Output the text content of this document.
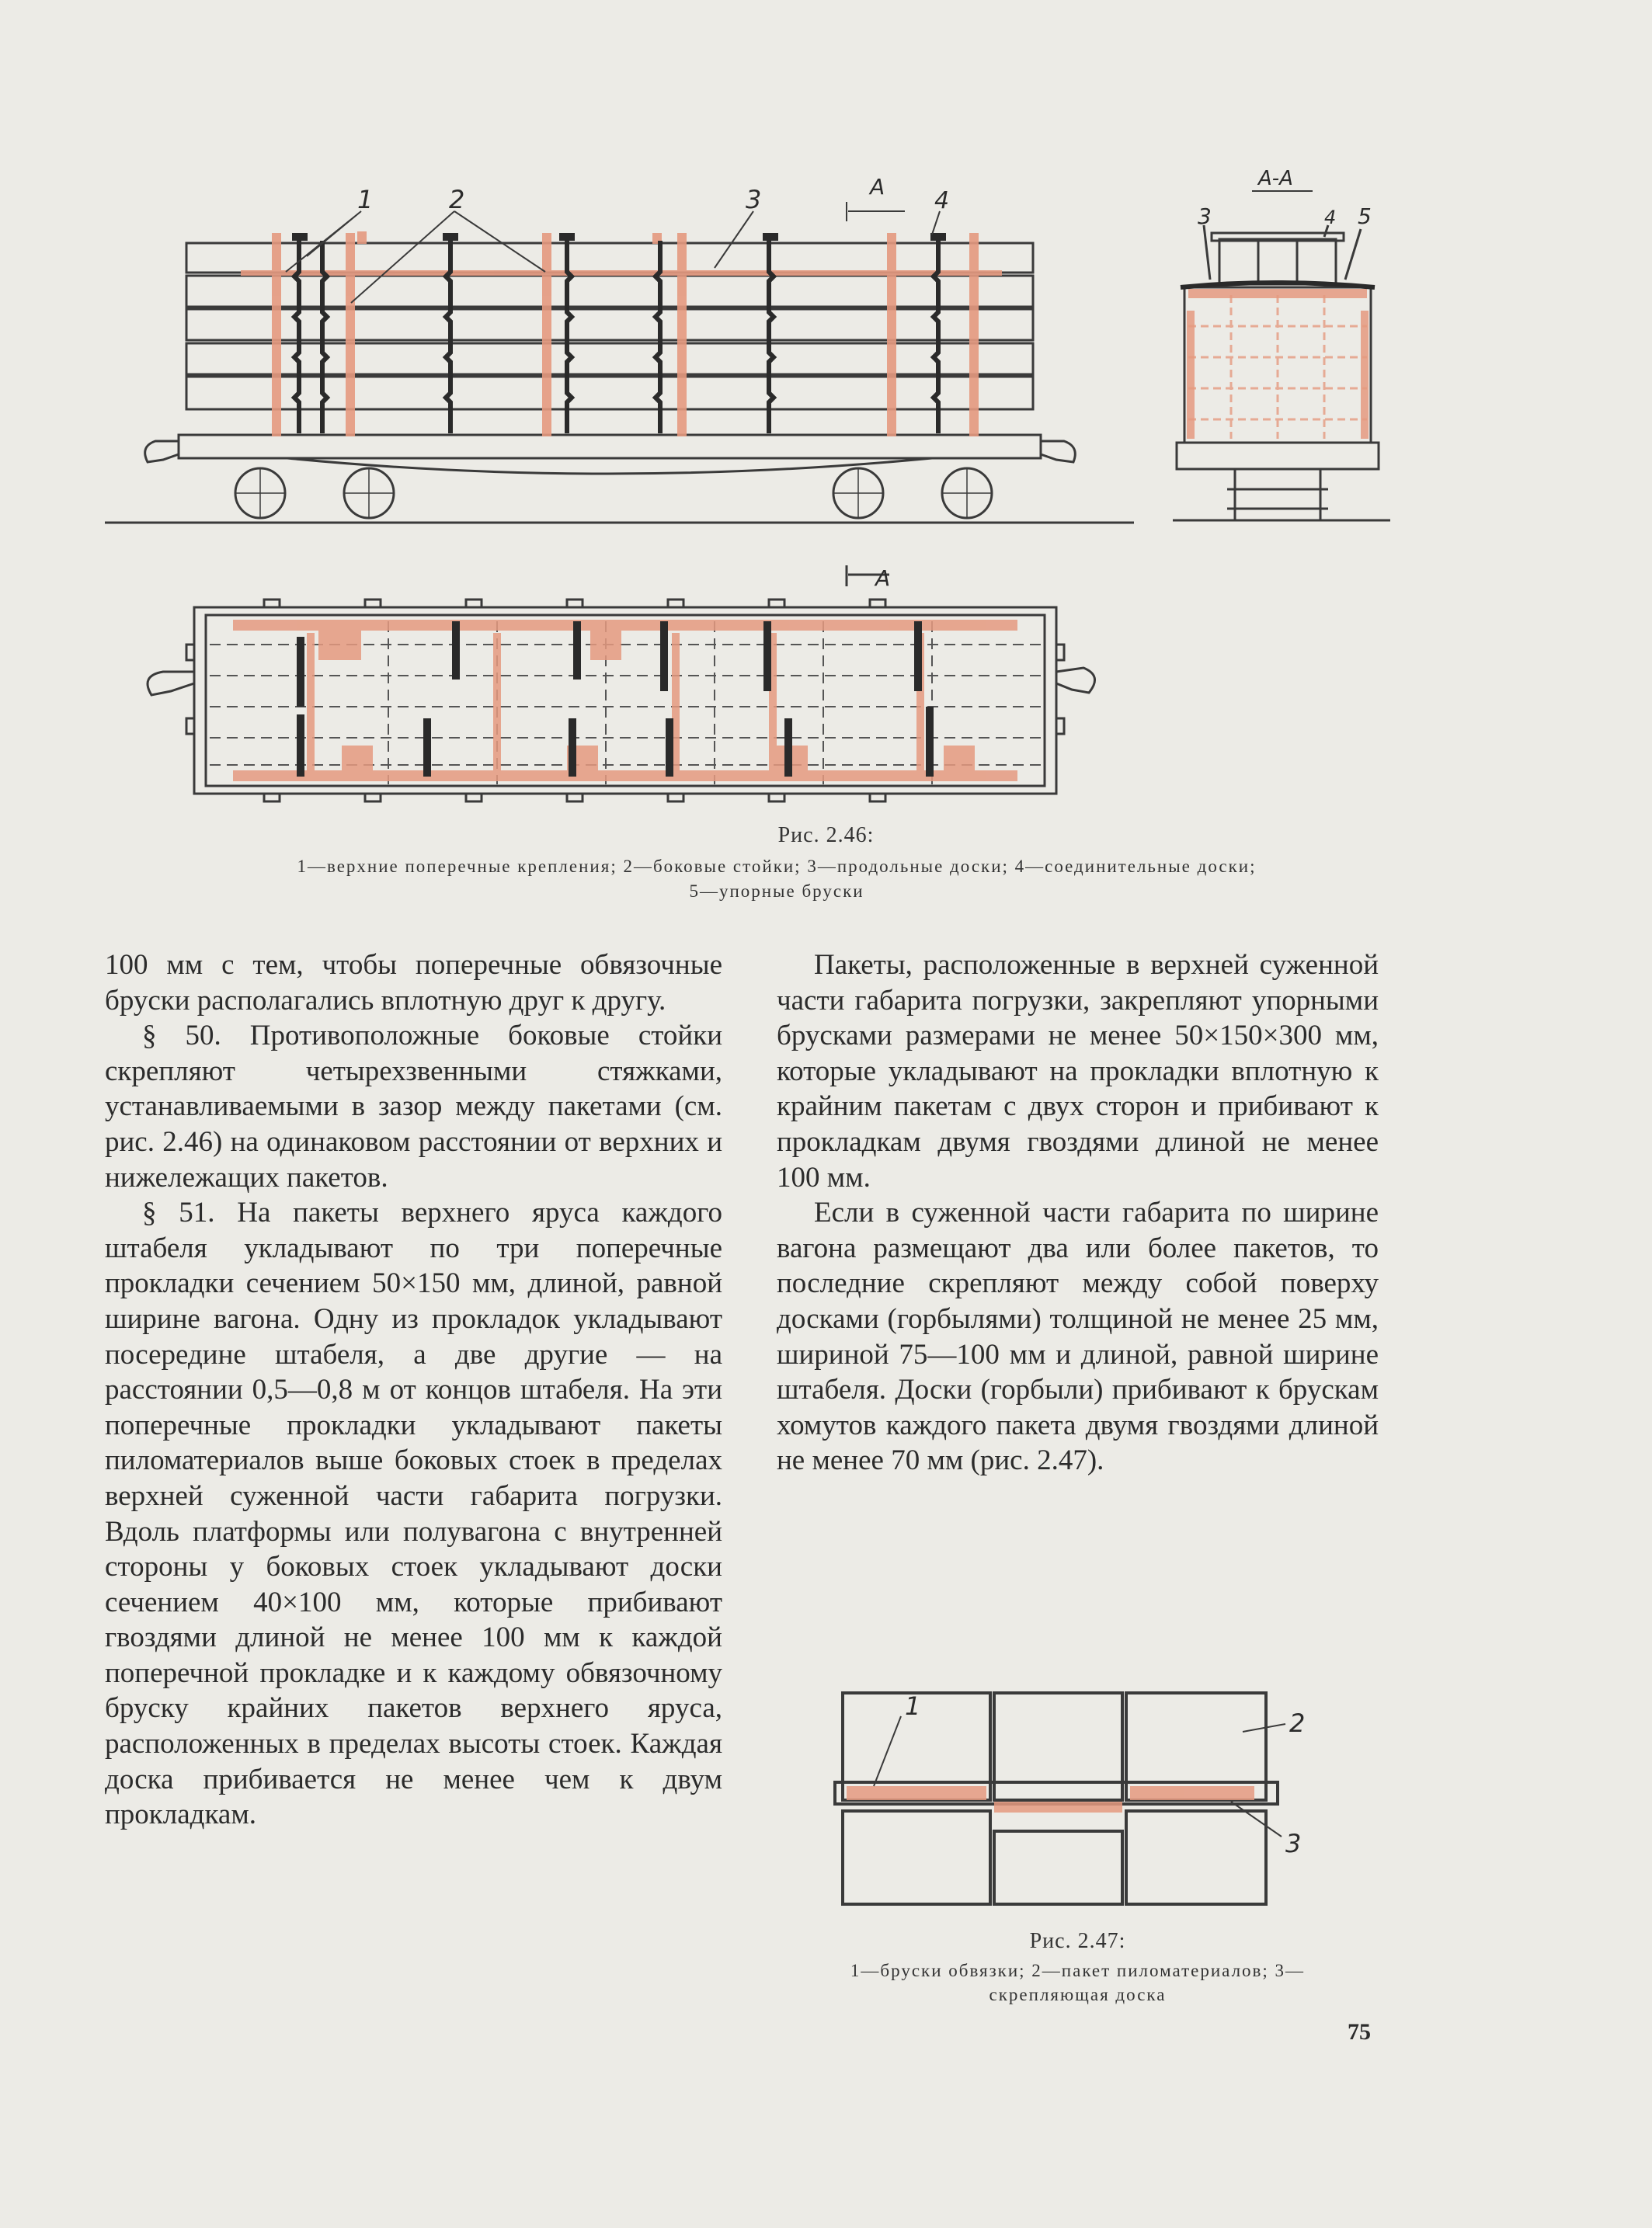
1	2	3	4
А	А-А
3	4 5
А
Рис. 2.46:
1—верхние поперечные крепления; 2—боковые стойки; 3—продольные доски; 4—соединительные доски;
5—упорные бруски

100 мм с тем, чтобы поперечные обвязочные бруски располагались вплотную друг к другу.

§ 50. Противоположные боковые стойки скрепляют четырехзвенными стяжками, устанавливаемыми в зазор между пакетами (см. рис. 2.46) на одинаковом расстоянии от верхних и нижележащих пакетов.

§ 51. На пакеты верхнего яруса каждого штабеля укладывают по три поперечные прокладки сечением 50×150 мм, длиной, равной ширине вагона. Одну из прокладок укладывают посередине штабеля, а две другие — на расстоянии 0,5—0,8 м от концов штабеля. На эти поперечные прокладки укладывают пакеты пиломатериалов выше боковых стоек в пределах верхней суженной части габарита погрузки. Вдоль платформы или полувагона с внутренней стороны у боковых стоек укладывают доски сечением 40×100 мм, которые прибивают гвоздями длиной не менее 100 мм к каждой поперечной прокладке и к каждому обвязочному бруску крайних пакетов верхнего яруса, расположенных в пределах высоты стоек. Каждая доска прибивается не менее чем к двум прокладкам.

Пакеты, расположенные в верхней суженной части габарита погрузки, закрепляют упорными брусками размерами не менее 50×150×300 мм, которые укладывают на прокладки вплотную к крайним пакетам с двух сторон и прибивают к прокладкам двумя гвоздями длиной не менее 100 мм.

Если в суженной части габарита по ширине вагона размещают два или более пакетов, то последние скрепляют между собой поверху досками (горбылями) толщиной не менее 25 мм, шириной 75—100 мм и длиной, равной ширине штабеля. Доски (горбыли) прибивают к брускам хомутов каждого пакета двумя гвоздями длиной не менее 70 мм (рис. 2.47).

1
2
3
Рис. 2.47:
1—бруски обвязки; 2—пакет пиломатериалов; 3—
скрепляющая доска
75
